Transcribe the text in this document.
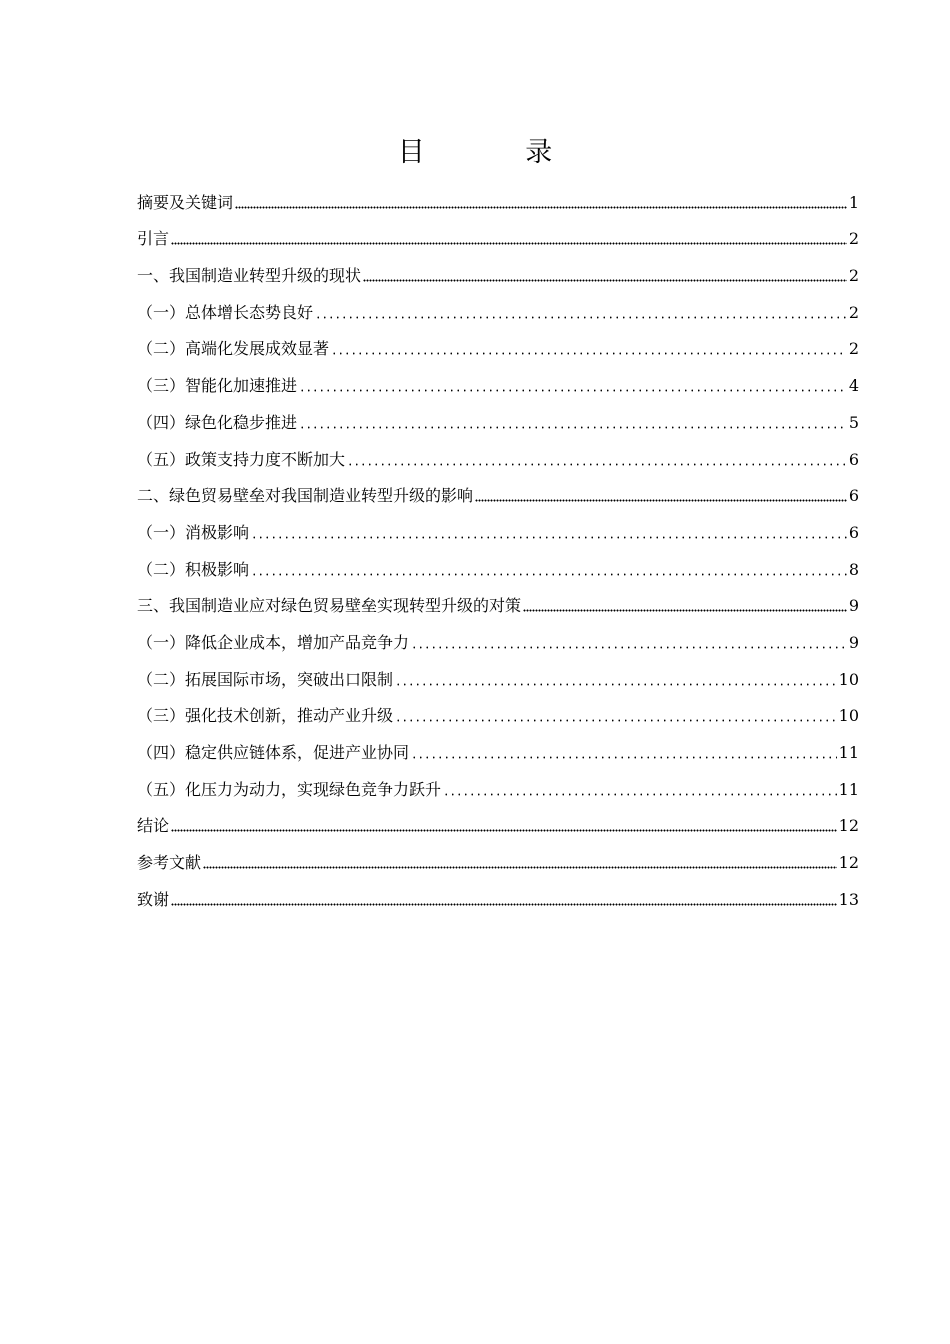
目 录
摘要及关键词	1
引言	2
一、我国制造业转型升级的现状	2
（一）总体增长态势良好	2
（二）高端化发展成效显著	2
（三）智能化加速推进	4
（四）绿色化稳步推进	5
（五）政策支持力度不断加大	6
二、绿色贸易壁垒对我国制造业转型升级的影响	6
（一）消极影响	6
（二）积极影响	8
三、我国制造业应对绿色贸易壁垒实现转型升级的对策	9
（一）降低企业成本，增加产品竞争力	9
（二）拓展国际市场，突破出口限制	10
（三）强化技术创新，推动产业升级	10
（四）稳定供应链体系，促进产业协同	11
（五）化压力为动力，实现绿色竞争力跃升	11
结论	12
参考文献	12
致谢	13
